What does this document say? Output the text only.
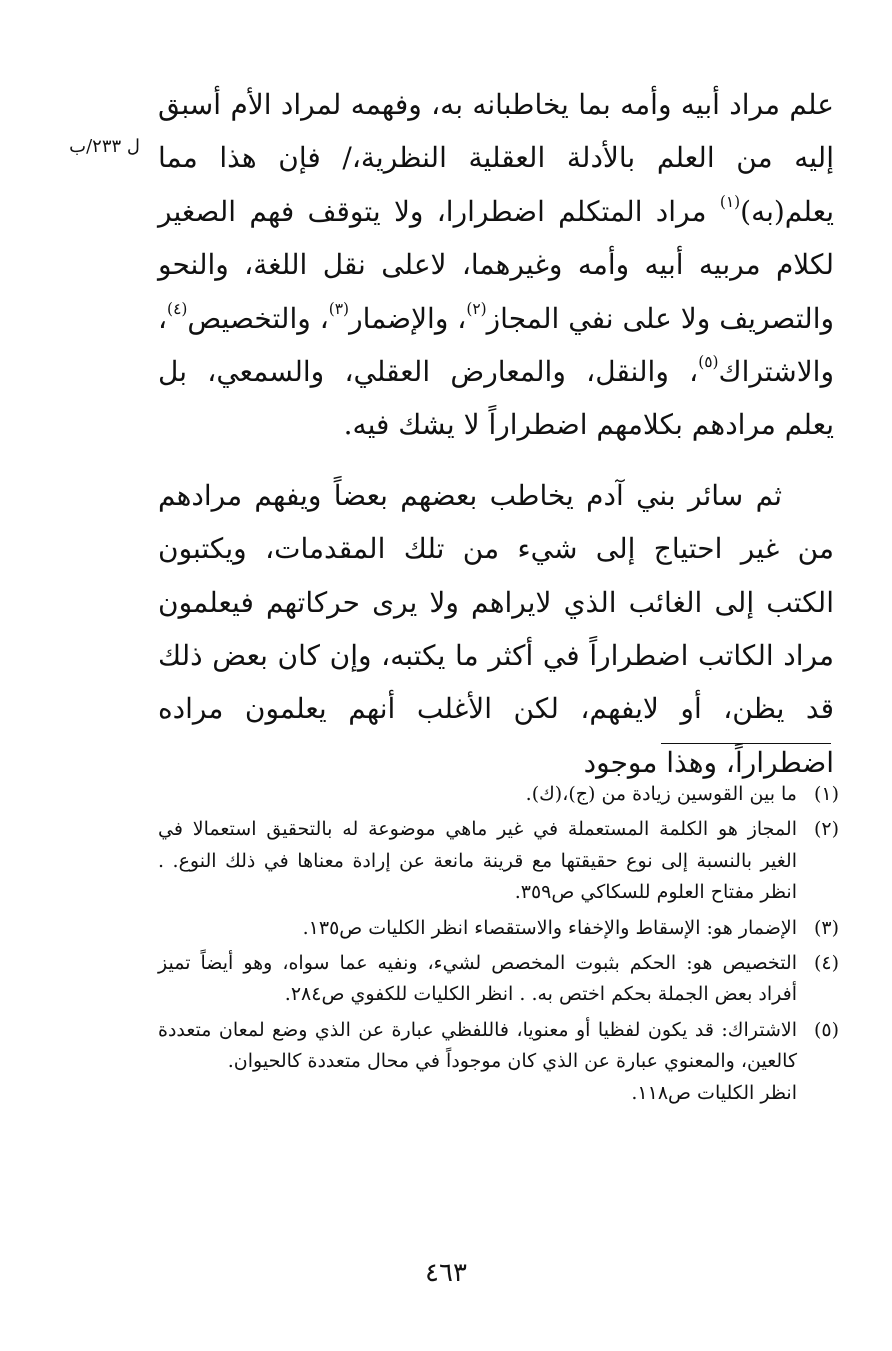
ل ٢٣٣/ب

علم مراد أبيه وأمه بما يخاطبانه به، وفهمه لمراد الأم أسبق إليه من العلم بالأدلة العقلية النظرية،/ فإن هذا مما يعلم(به)$^{(١)}$ مراد المتكلم اضطرارا، ولا يتوقف فهم الصغير لكلام مربيه أبيه وأمه وغيرهما، لاعلى نقل اللغة، والنحو والتصريف ولا على نفي المجاز$^{(٢)}$، والإضمار$^{(٣)}$، والتخصيص$^{(٤)}$، والاشتراك$^{(٥)}$، والنقل، والمعارض العقلي، والسمعي، بل يعلم مرادهم بكلامهم اضطراراً لا يشك فيه.

ثم سائر بني آدم يخاطب بعضهم بعضاً ويفهم مرادهم من غير احتياج إلى شيء من تلك المقدمات، ويكتبون الكتب إلى الغائب الذي لايراهم ولا يرى حركاتهم فيعلمون مراد الكاتب اضطراراً في أكثر ما يكتبه، وإن كان بعض ذلك قد يظن، أو لايفهم، لكن الأغلب أنهم يعلمون مراده اضطراراً، وهذا موجود

(١)
ما بين القوسين زيادة من (ج)،(ك).
(٢)
المجاز هو الكلمة المستعملة في غير ماهي موضوعة له بالتحقيق استعمالا في الغير بالنسبة إلى نوع حقيقتها مع قرينة مانعة عن إرادة معناها في ذلك النوع. . انظر مفتاح العلوم للسكاكي ص٣٥٩.
(٣)
الإضمار هو: الإسقاط والإخفاء والاستقصاء انظر الكليات ص١٣٥.
(٤)
التخصيص هو: الحكم بثبوت المخصص لشيء، ونفيه عما سواه، وهو أيضاً تميز أفراد بعض الجملة بحكم اختص به. . انظر الكليات للكفوي ص٢٨٤.
(٥)
الاشتراك: قد يكون لفظيا أو معنويا، فاللفظي عبارة عن الذي وضع لمعان متعددة كالعين، والمعنوي عبارة عن الذي كان موجوداً في محال متعددة كالحيوان.
انظر الكليات ص١١٨.
٤٦٣
